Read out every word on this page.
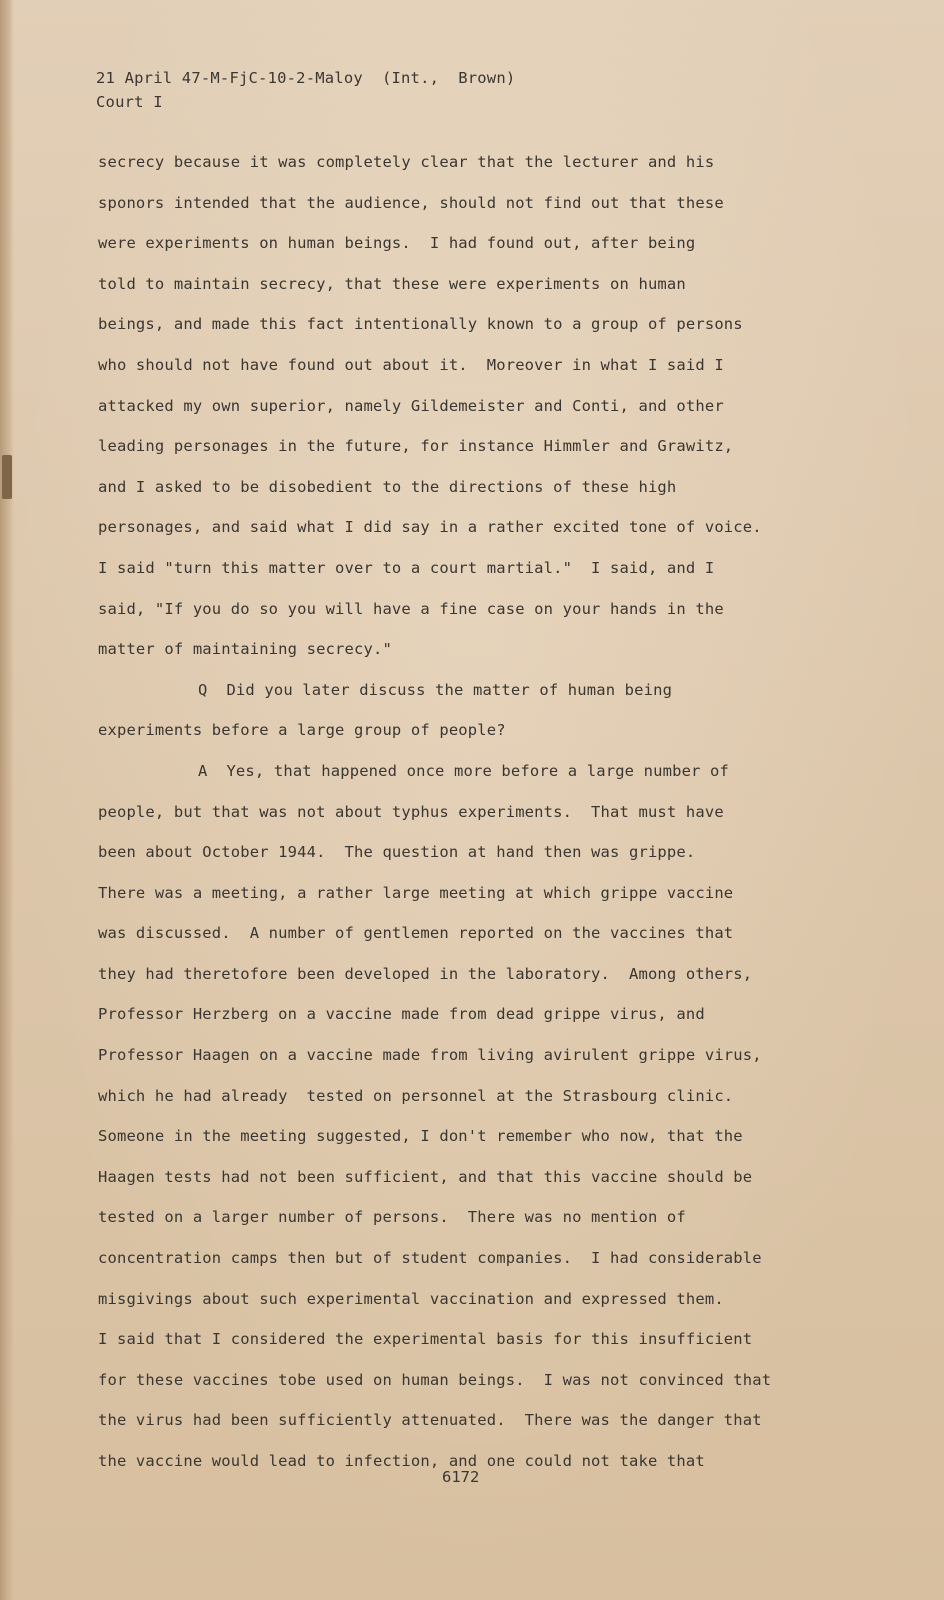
21 April 47-M-FjC-10-2-Maloy  (Int.,  Brown)
Court I
secrecy because it was completely clear that the lecturer and his
sponors intended that the audience, should not find out that these
were experiments on human beings.  I had found out, after being
told to maintain secrecy, that these were experiments on human
beings, and made this fact intentionally known to a group of persons
who should not have found out about it.  Moreover in what I said I
attacked my own superior, namely Gildemeister and Conti, and other
leading personages in the future, for instance Himmler and Grawitz,
and I asked to be disobedient to the directions of these high
personages, and said what I did say in a rather excited tone of voice.
I said "turn this matter over to a court martial."  I said, and I
said, "If you do so you will have a fine case on your hands in the
matter of maintaining secrecy."
Q  Did you later discuss the matter of human being
experiments before a large group of people?
A  Yes, that happened once more before a large number of
people, but that was not about typhus experiments.  That must have
been about October 1944.  The question at hand then was grippe.
There was a meeting, a rather large meeting at which grippe vaccine
was discussed.  A number of gentlemen reported on the vaccines that
they had theretofore been developed in the laboratory.  Among others,
Professor Herzberg on a vaccine made from dead grippe virus, and
Professor Haagen on a vaccine made from living avirulent grippe virus,
which he had already  tested on personnel at the Strasbourg clinic.
Someone in the meeting suggested, I don't remember who now, that the
Haagen tests had not been sufficient, and that this vaccine should be
tested on a larger number of persons.  There was no mention of
concentration camps then but of student companies.  I had considerable
misgivings about such experimental vaccination and expressed them.
I said that I considered the experimental basis for this insufficient
for these vaccines tobe used on human beings.  I was not convinced that
the virus had been sufficiently attenuated.  There was the danger that
the vaccine would lead to infection, and one could not take that
6172
